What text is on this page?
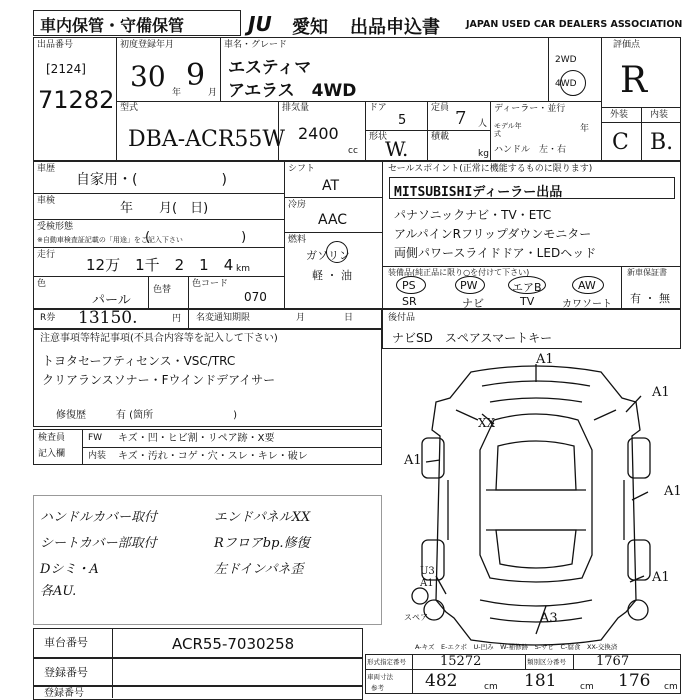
車内保管・守備保管	JU 愛知 出品申込書	JAPAN USED CAR DEALERS ASSOCIATION
出品番号
[2124]
71282
初度登録年月
30 年 9 月
車名・グレード
エスティマ
アエラス　4WD
2WD
4WD
評価点
R
外装 内装
C B.
型式
DBA-ACR55W
排気量
2400
cc
ドア
5
形状
W.
定員 7 人
積載
kg
ディーラー・並行
モデル年式	年
ハンドル　左・右
車歴
自家用・(　　　　　　)
車検	年　　月(　日)
受検形態
※自動車検査証記載の「用途」をご記入下さい
(　　　　　　　)
走行
12万　1千　2　1　4 km
色
パール
色替
色コード
070
シフト
AT
冷房
AAC
燃料
ガソリン
軽 ・ 油
セールスポイント(正常に機能するものに限ります)
MITSUBISHIディーラー出品
パナソニックナビ・TV・ETC
アルパインRフリップダウンモニター
両側パワースライドドア・LEDヘッド
装備品(純正品に限り○を付けて下さい)
PS	PW	エアB	AW
SR	ナビ	TV	カワソート
新車保証書
有 ・ 無
R券 13150.	円 名変通知期限	月	日	後付品
ナビSD　スペアスマートキー
注意事項等特記事項(不具合内容等を記入して下さい)
トヨタセーフティセンス・VSC/TRC
クリアランスソナー・Fウインドデアイサー
修復歴	有 (箇所　　　　　　　　)
検査員
記入欄
FW キズ・凹・ヒビ割・リペア跡・X要
内装 キズ・汚れ・コゲ・穴・スレ・キレ・破レ
ハンドルカバー取付
シートカバー部取付
Dシミ・A
各AU.
エンドパネルXX
Rフロアbp.修復
左ドインパネ歪
A1
A1
XX
A1
A1
A1
U3
A1
A3
スペア
A-キズ　E-エクボ　U-凹み　W-補修跡　S-サビ　C-腐食　XX-交換済
車台番号	ACR55-7030258
登録番号
登録番号
形式指定番号	15272	類別区分番号 1767
車両寸法
参考 482	cm 181	cm 176 cm
